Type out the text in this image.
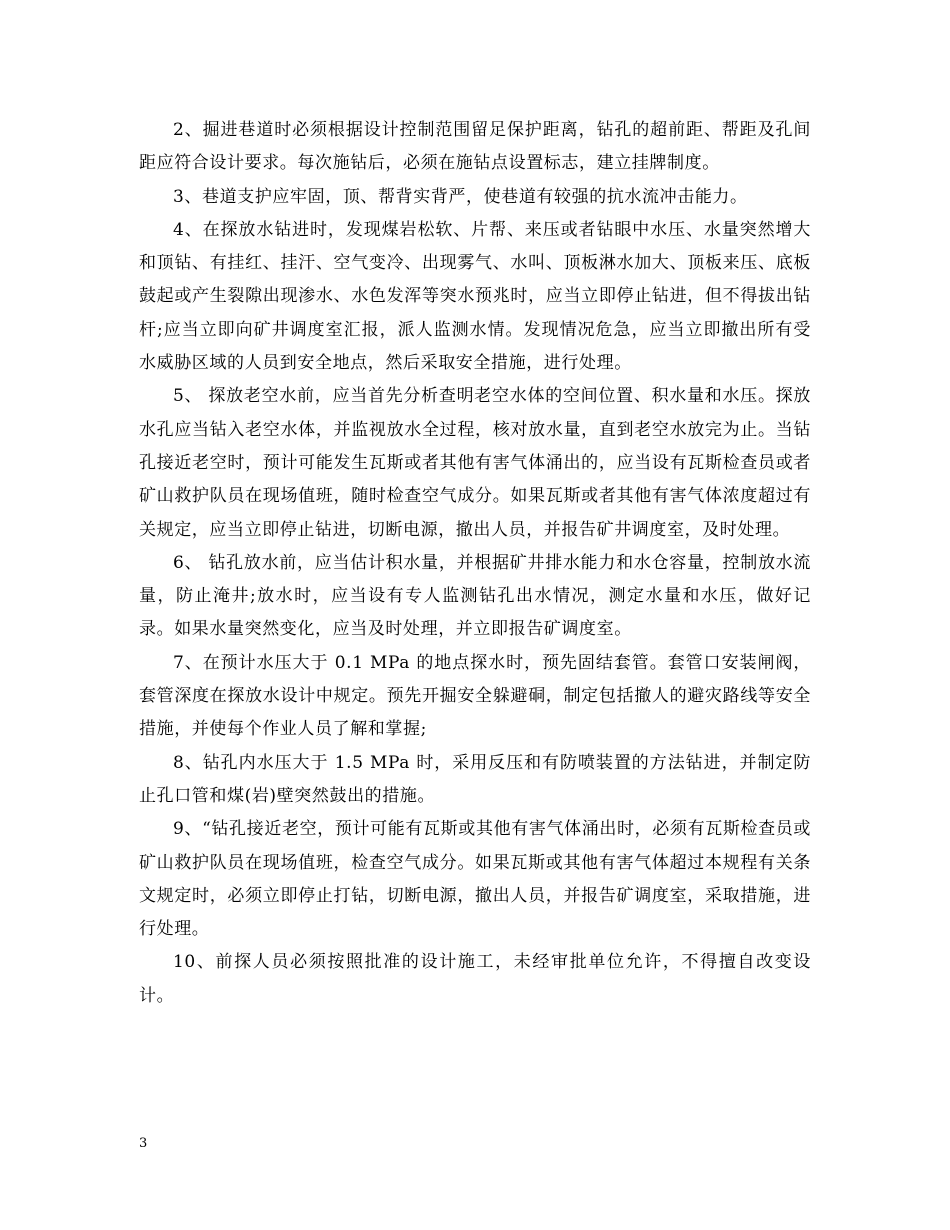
2、掘进巷道时必须根据设计控制范围留足保护距离，钻孔的超前距、帮距及孔间距应符合设计要求。每次施钻后，必须在施钻点设置标志，建立挂牌制度。

3、巷道支护应牢固，顶、帮背实背严，使巷道有较强的抗水流冲击能力。

4、在探放水钻进时，发现煤岩松软、片帮、来压或者钻眼中水压、水量突然增大和顶钻、有挂红、挂汗、空气变冷、出现雾气、水叫、顶板淋水加大、顶板来压、底板鼓起或产生裂隙出现渗水、水色发浑等突水预兆时，应当立即停止钻进，但不得拔出钻杆;应当立即向矿井调度室汇报，派人监测水情。发现情况危急，应当立即撤出所有受水威胁区域的人员到安全地点，然后采取安全措施，进行处理。

5、 探放老空水前，应当首先分析查明老空水体的空间位置、积水量和水压。探放水孔应当钻入老空水体，并监视放水全过程，核对放水量，直到老空水放完为止。当钻孔接近老空时，预计可能发生瓦斯或者其他有害气体涌出的，应当设有瓦斯检查员或者矿山救护队员在现场值班，随时检查空气成分。如果瓦斯或者其他有害气体浓度超过有关规定，应当立即停止钻进，切断电源，撤出人员，并报告矿井调度室，及时处理。

6、 钻孔放水前，应当估计积水量，并根据矿井排水能力和水仓容量，控制放水流量，防止淹井;放水时，应当设有专人监测钻孔出水情况，测定水量和水压，做好记录。如果水量突然变化，应当及时处理，并立即报告矿调度室。

7、在预计水压大于 0.1 MPa 的地点探水时，预先固结套管。套管口安装闸阀，套管深度在探放水设计中规定。预先开掘安全躲避硐，制定包括撤人的避灾路线等安全措施，并使每个作业人员了解和掌握;

8、钻孔内水压大于 1.5 MPa 时，采用反压和有防喷装置的方法钻进，并制定防止孔口管和煤(岩)壁突然鼓出的措施。

9、“钻孔接近老空，预计可能有瓦斯或其他有害气体涌出时，必须有瓦斯检查员或矿山救护队员在现场值班，检查空气成分。如果瓦斯或其他有害气体超过本规程有关条文规定时，必须立即停止打钻，切断电源，撤出人员，并报告矿调度室，采取措施，进行处理。

10、前探人员必须按照批准的设计施工，未经审批单位允许，不得擅自改变设计。

3
